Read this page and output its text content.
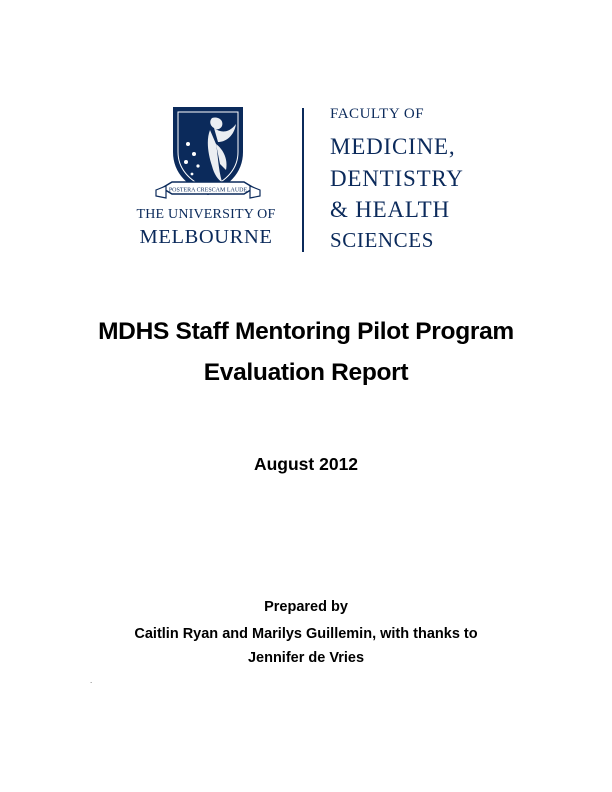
POSTERA CRESCAM LAUDE
THE UNIVERSITY OF
MELBOURNE
FACULTY OF
MEDICINE,
DENTISTRY
& HEALTH
SCIENCES
MDHS Staff Mentoring Pilot Program
Evaluation Report
August 2012
Prepared by
Caitlin Ryan and Marilys Guillemin, with thanks to
Jennifer de Vries
.
